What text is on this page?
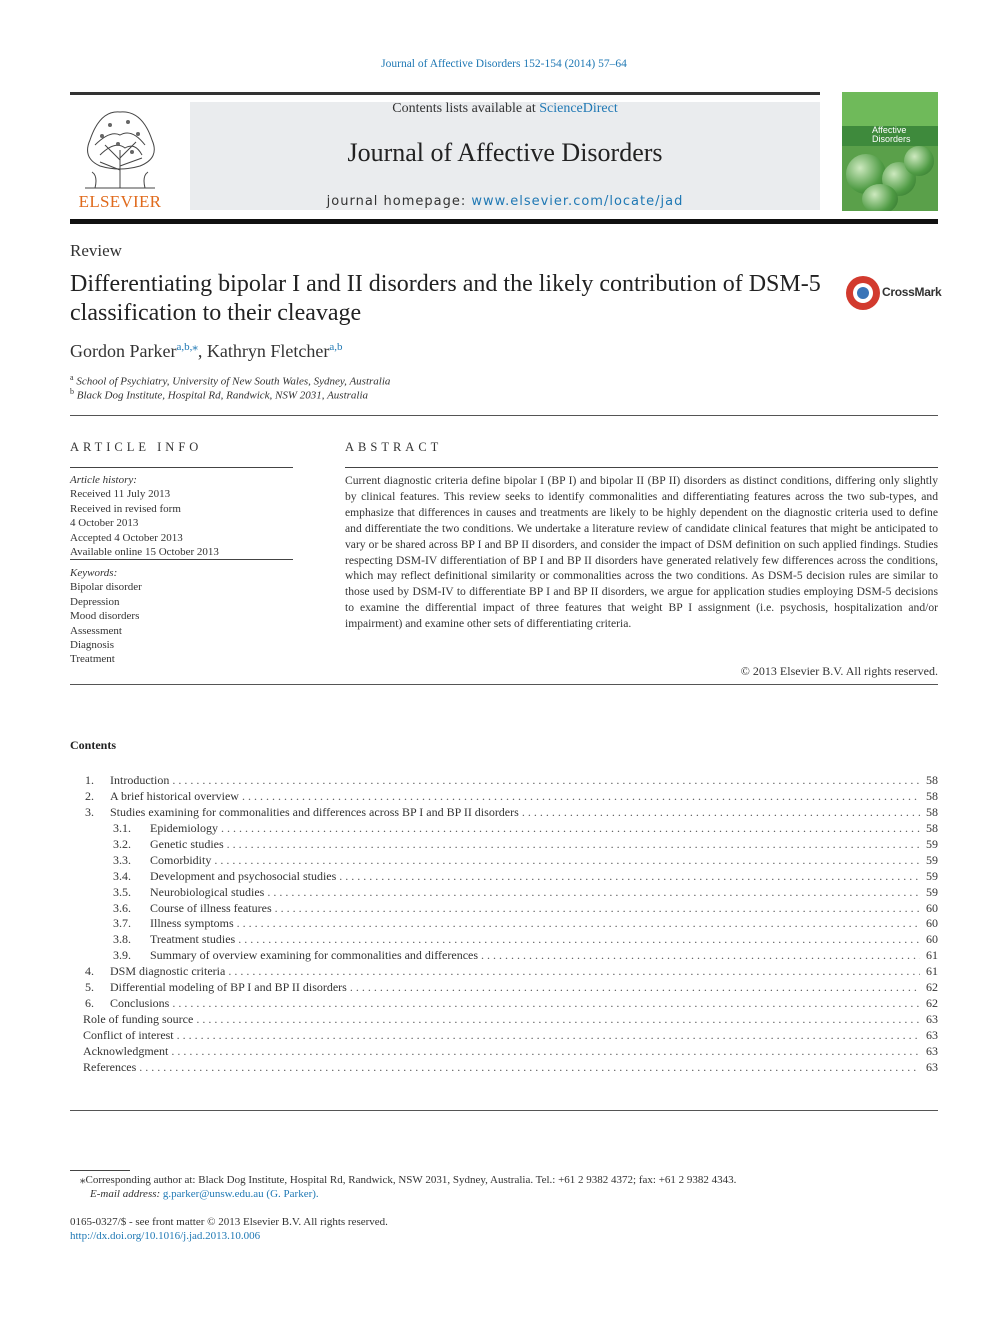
Journal of Affective Disorders 152-154 (2014) 57–64
ELSEVIER
Contents lists available at ScienceDirect
Journal of Affective Disorders
journal homepage: www.elsevier.com/locate/jad
Affective
Disorders
Review
Differentiating bipolar I and II disorders and the likely contribution of DSM-5 classification to their cleavage
CrossMark
Gordon Parker$^{a,b,⁎}$, Kathryn Fletcher$^{a,b}$
$^a$ School of Psychiatry, University of New South Wales, Sydney, Australia
$^b$ Black Dog Institute, Hospital Rd, Randwick, NSW 2031, Australia
ARTICLE INFO
Article history:
Received 11 July 2013
Received in revised form
4 October 2013
Accepted 4 October 2013
Available online 15 October 2013
Keywords:
Bipolar disorder
Depression
Mood disorders
Assessment
Diagnosis
Treatment
ABSTRACT
Current diagnostic criteria define bipolar I (BP I) and bipolar II (BP II) disorders as distinct conditions, differing only slightly by clinical features. This review seeks to identify commonalities and differentiating features across the two sub-types, and emphasize that differences in causes and treatments are likely to be highly dependent on the diagnostic criteria used to define and differentiate the two conditions. We undertake a literature review of candidate clinical features that might be anticipated to vary or be shared across BP I and BP II disorders, and consider the impact of DSM definition on such applied findings. Studies respecting DSM-IV differentiation of BP I and BP II disorders have generated relatively few differences across the conditions, which may reflect definitional similarity or commonalities across the two conditions. As DSM-5 decision rules are similar to those used by DSM-IV to differentiate BP I and BP II disorders, we argue for application studies employing DSM-5 decisions to examine the differential impact of three features that weight BP I assignment (i.e. psychosis, hospitalization and/or impairment) and examine other sets of differentiating criteria.
© 2013 Elsevier B.V. All rights reserved.
Contents
1. Introduction . . .	58
2. A brief historical overview . . .	58
3. Studies examining for commonalities and differences across BP I and BP II disorders . . .	58
3.1. Epidemiology . . .	58
3.2. Genetic studies . . .	59
3.3. Comorbidity . . .	59
3.4. Development and psychosocial studies . . .	59
3.5. Neurobiological studies . . .	59
3.6. Course of illness features . . .	60
3.7. Illness symptoms . . .	60
3.8. Treatment studies . . .	60
3.9. Summary of overview examining for commonalities and differences . . .	61
4. DSM diagnostic criteria . . .	61
5. Differential modeling of BP I and BP II disorders . . .	62
6. Conclusions . . .	62
Role of funding source . . .	63
Conflict of interest . . .	63
Acknowledgment . . .	63
References . . .	63
⁎Corresponding author at: Black Dog Institute, Hospital Rd, Randwick, NSW 2031, Sydney, Australia. Tel.: +61 2 9382 4372; fax: +61 2 9382 4343.
E-mail address: g.parker@unsw.edu.au (G. Parker).
0165-0327/$ - see front matter © 2013 Elsevier B.V. All rights reserved.
http://dx.doi.org/10.1016/j.jad.2013.10.006
